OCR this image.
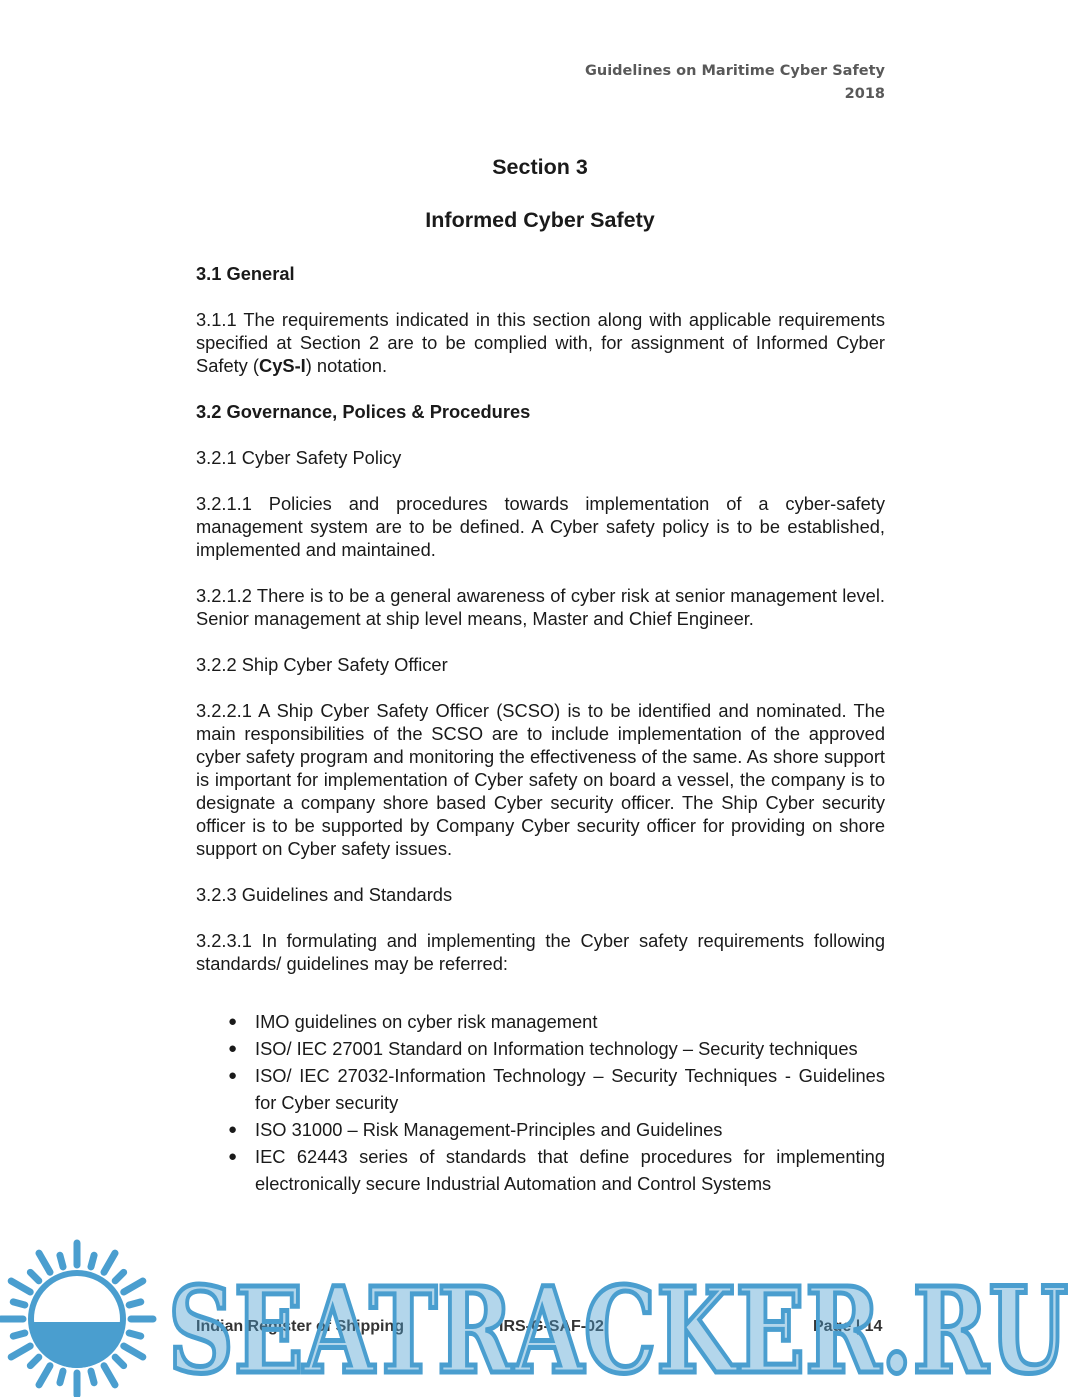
Guidelines on Maritime Cyber Safety
2018
Section 3
Informed Cyber Safety

3.1 General

3.1.1 The requirements indicated in this section along with applicable requirements specified at Section 2 are to be complied with, for assignment of Informed Cyber Safety (CyS-I) notation.

3.2 Governance, Polices & Procedures

3.2.1 Cyber Safety Policy

3.2.1.1 Policies and procedures towards implementation of a cyber-safety management system are to be defined. A Cyber safety policy is to be established, implemented and maintained.

3.2.1.2 There is to be a general awareness of cyber risk at senior management level. Senior management at ship level means, Master and Chief Engineer.

3.2.2 Ship Cyber Safety Officer

3.2.2.1 A Ship Cyber Safety Officer (SCSO) is to be identified and nominated. The main responsibilities of the SCSO are to include implementation of the approved cyber safety program and monitoring the effectiveness of the same. As shore support is important for implementation of Cyber safety on board a vessel, the company is to designate a company shore based Cyber security officer. The Ship Cyber security officer is to be supported by Company Cyber security officer for providing on shore support on Cyber safety issues.

3.2.3 Guidelines and Standards

3.2.3.1 In formulating and implementing the Cyber safety requirements following standards/ guidelines may be referred:

● IMO guidelines on cyber risk management
● ISO/ IEC 27001 Standard on Information technology – Security techniques
● ISO/ IEC 27032-Information Technology – Security Techniques - Guidelines for Cyber security
● ISO 31000 – Risk Management-Principles and Guidelines
● IEC 62443 series of standards that define procedures for implementing electronically secure Industrial Automation and Control Systems
Indian Register of Shipping	IRS-G-SAF-02	Page | 14
SEATRACKER.RU
